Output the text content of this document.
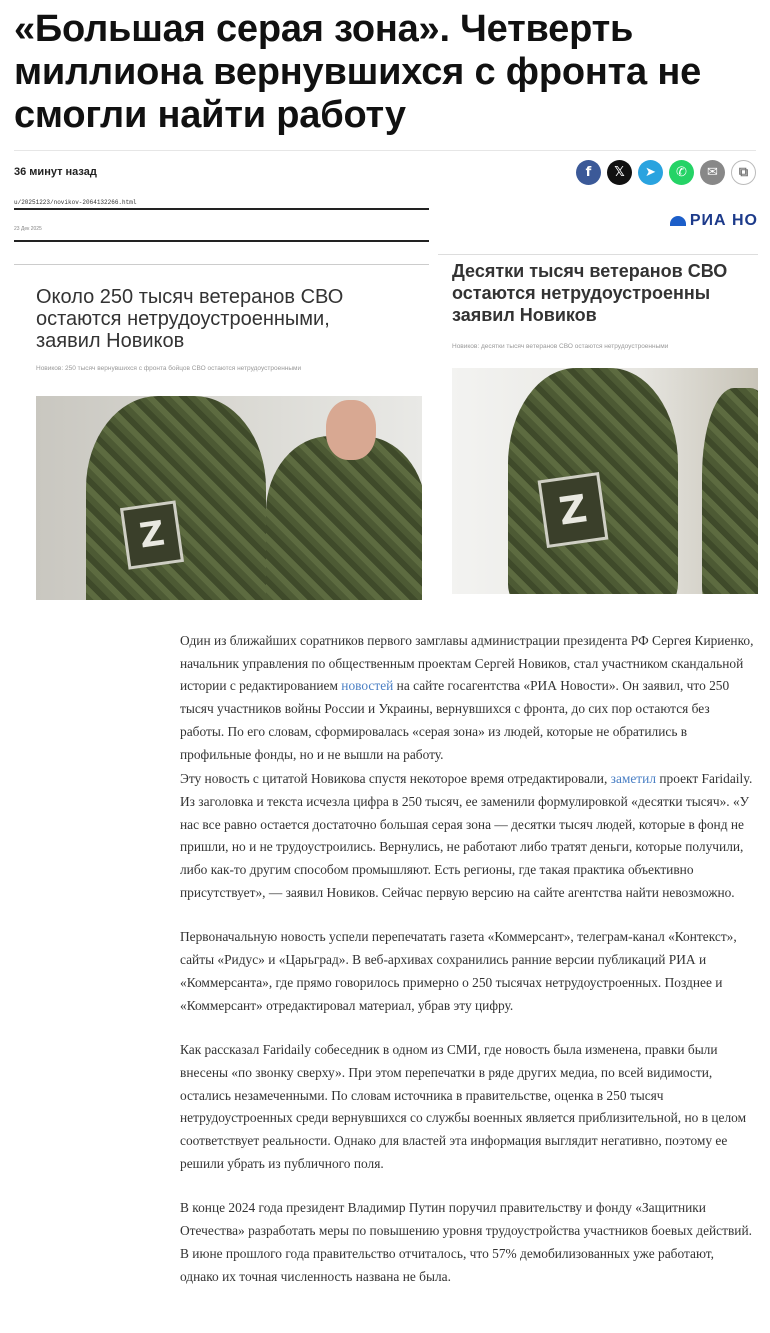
«Большая серая зона». Четверть миллиона вернувшихся с фронта не смогли найти работу
36 минут назад	f	𝕏	➤	✆	✉	⧉
u/20251223/novikov-2064132266.html
23 Дек 2025
Около 250 тысяч ветеранов СВО остаются нетрудоустроенными, заявил Новиков
Новиков: 250 тысяч вернувшихся с фронта бойцов СВО остаются нетрудоустроенными
Z
РИА НО
Десятки тысяч ветеранов СВО остаются нетрудоустроенны заявил Новиков
Новиков: десятки тысяч ветеранов СВО остаются нетрудоустроенными
Z

Один из ближайших соратников первого замглавы администрации президента РФ Сергея Кириенко, начальник управления по общественным проектам Сергей Новиков, стал участником скандальной истории с редактированием новостей на сайте госагентства «РИА Новости». Он заявил, что 250 тысяч участников войны России и Украины, вернувшихся с фронта, до сих пор остаются без работы. По его словам, сформировалась «серая зона» из людей, которые не обратились в профильные фонды, но и не вышли на работу.

Эту новость с цитатой Новикова спустя некоторое время отредактировали, заметил проект Faridaily. Из заголовка и текста исчезла цифра в 250 тысяч, ее заменили формулировкой «десятки тысяч». «У нас все равно остается достаточно большая серая зона — десятки тысяч людей, которые в фонд не пришли, но и не трудоустроились. Вернулись, не работают либо тратят деньги, которые получили, либо как-то другим способом промышляют. Есть регионы, где такая практика объективно присутствует», — заявил Новиков. Сейчас первую версию на сайте агентства найти невозможно.

Первоначальную новость успели перепечатать газета «Коммерсант», телеграм-канал «Контекст», сайты «Ридус» и «Царьград». В веб-архивах сохранились ранние версии публикаций РИА и «Коммерсанта», где прямо говорилось примерно о 250 тысячах нетрудоустроенных. Позднее и «Коммерсант» отредактировал материал, убрав эту цифру.

Как рассказал Faridaily собеседник в одном из СМИ, где новость была изменена, правки были внесены «по звонку сверху». При этом перепечатки в ряде других медиа, по всей видимости, остались незамеченными. По словам источника в правительстве, оценка в 250 тысяч нетрудоустроенных среди вернувшихся со службы военных является приблизительной, но в целом соответствует реальности. Однако для властей эта информация выглядит негативно, поэтому ее решили убрать из публичного поля.

В конце 2024 года президент Владимир Путин поручил правительству и фонду «Защитники Отечества» разработать меры по повышению уровня трудоустройства участников боевых действий. В июне прошлого года правительство отчиталось, что 57% демобилизованных уже работают, однако их точная численность названа не была.
